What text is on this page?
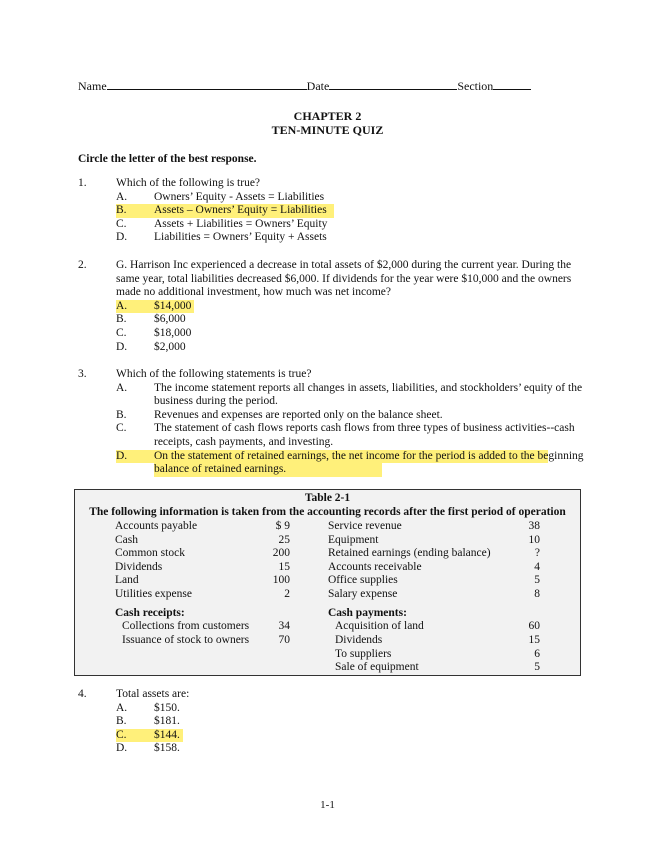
Name	Date	Section
CHAPTER 2
TEN-MINUTE QUIZ
Circle the letter of the best response.
1.	Which of the following is true?
A. Owners’ Equity - Assets = Liabilities
B. Assets – Owners’ Equity = Liabilities
C. Assets + Liabilities = Owners’ Equity
D. Liabilities = Owners’ Equity + Assets
2.	G. Harrison Inc experienced a decrease in total assets of $2,000 during the current year. During the same year, total liabilities decreased $6,000. If dividends for the year were $10,000 and the owners made no additional investment, how much was net income?
A. $14,000
B. $6,000
C. $18,000
D. $2,000
3.	Which of the following statements is true?
A. The income statement reports all changes in assets, liabilities, and stockholders’ equity of the business during the period.
B. Revenues and expenses are reported only on the balance sheet.
C. The statement of cash flows reports cash flows from three types of business activities--cash receipts, cash payments, and investing.
D. On the statement of retained earnings, the net income for the period is added to the beginning balance of retained earnings.
Table 2-1
The following information is taken from the accounting records after the first period of operation
Accounts payable	$ 9
Cash	25
Common stock	200
Dividends	15
Land	100
Utilities expense	2
Service revenue	38
Equipment	10
Retained earnings (ending balance)	?
Accounts receivable	4
Office supplies	5
Salary expense	8
Cash receipts:
Collections from customers	34
Issuance of stock to owners	70
Cash payments:
Acquisition of land	60
Dividends	15
To suppliers	6
Sale of equipment	5
4.	Total assets are:
A. $150.
B. $181.
C. $144.
D. $158.
1-1
